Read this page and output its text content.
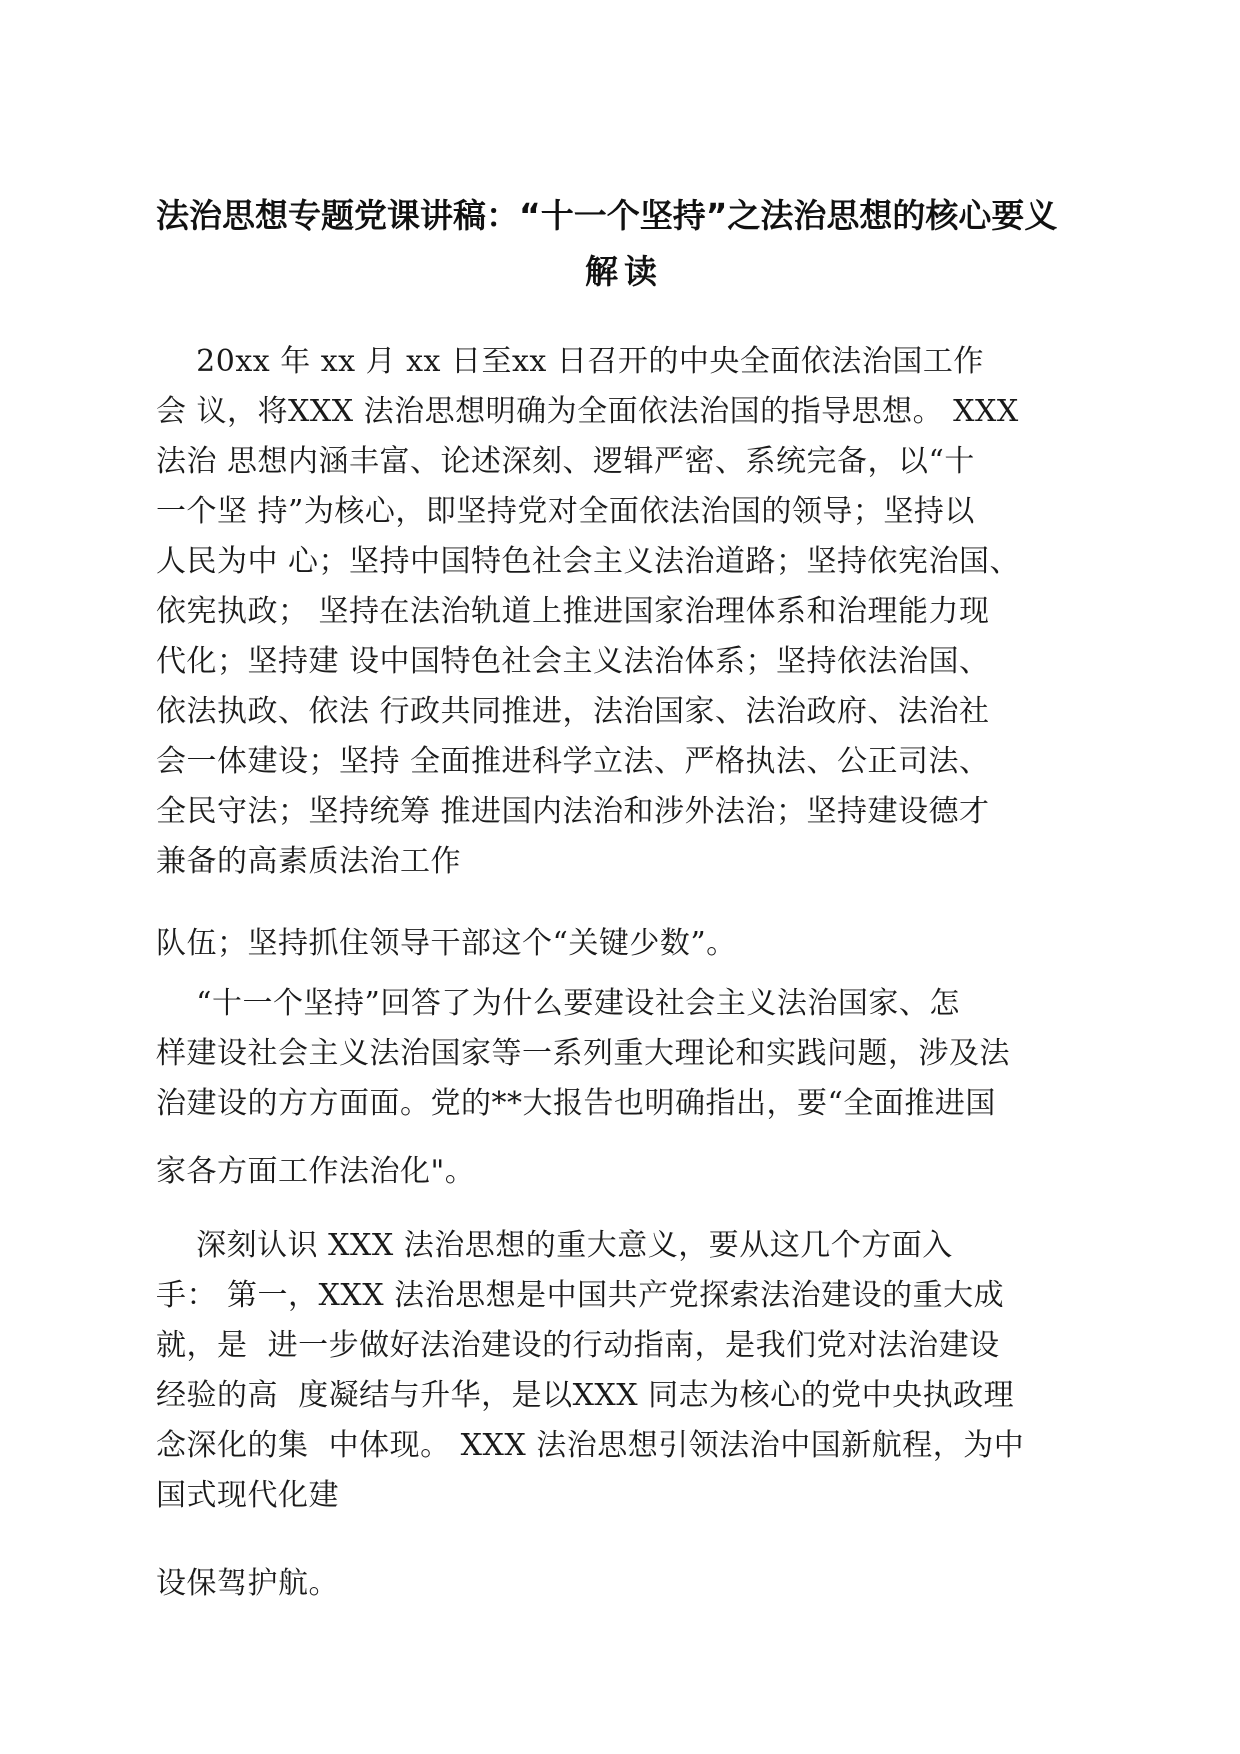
法治思想专题党课讲稿：“十一个坚持”之法治思想的核心要义
解读
20xx 年 xx 月 xx 日至xx 日召开的中央全面依法治国工作
会 议，将XXX 法治思想明确为全面依法治国的指导思想。 XXX
法治 思想内涵丰富、论述深刻、逻辑严密、系统完备，以“十
一个坚 持”为核心，即坚持党对全面依法治国的领导；坚持以
人民为中 心；坚持中国特色社会主义法治道路；坚持依宪治国、
依宪执政； 坚持在法治轨道上推进国家治理体系和治理能力现
代化；坚持建 设中国特色社会主义法治体系；坚持依法治国、
依法执政、依法 行政共同推进，法治国家、法治政府、法治社
会一体建设；坚持 全面推进科学立法、严格执法、公正司法、
全民守法；坚持统筹 推进国内法治和涉外法治；坚持建设德才
兼备的高素质法治工作
队伍；坚持抓住领导干部这个“关键少数”。
“十一个坚持”回答了为什么要建设社会主义法治国家、怎
样建设社会主义法治国家等一系列重大理论和实践问题，涉及法
治建设的方方面面。党的**大报告也明确指出，要“全面推进国
家各方面工作法治化"。
深刻认识 XXX 法治思想的重大意义，要从这几个方面入
手： 第一，XXX 法治思想是中国共产党探索法治建设的重大成
就，是  进一步做好法治建设的行动指南，是我们党对法治建设
经验的高  度凝结与升华，是以XXX 同志为核心的党中央执政理
念深化的集  中体现。 XXX 法治思想引领法治中国新航程，为中
国式现代化建
设保驾护航。
